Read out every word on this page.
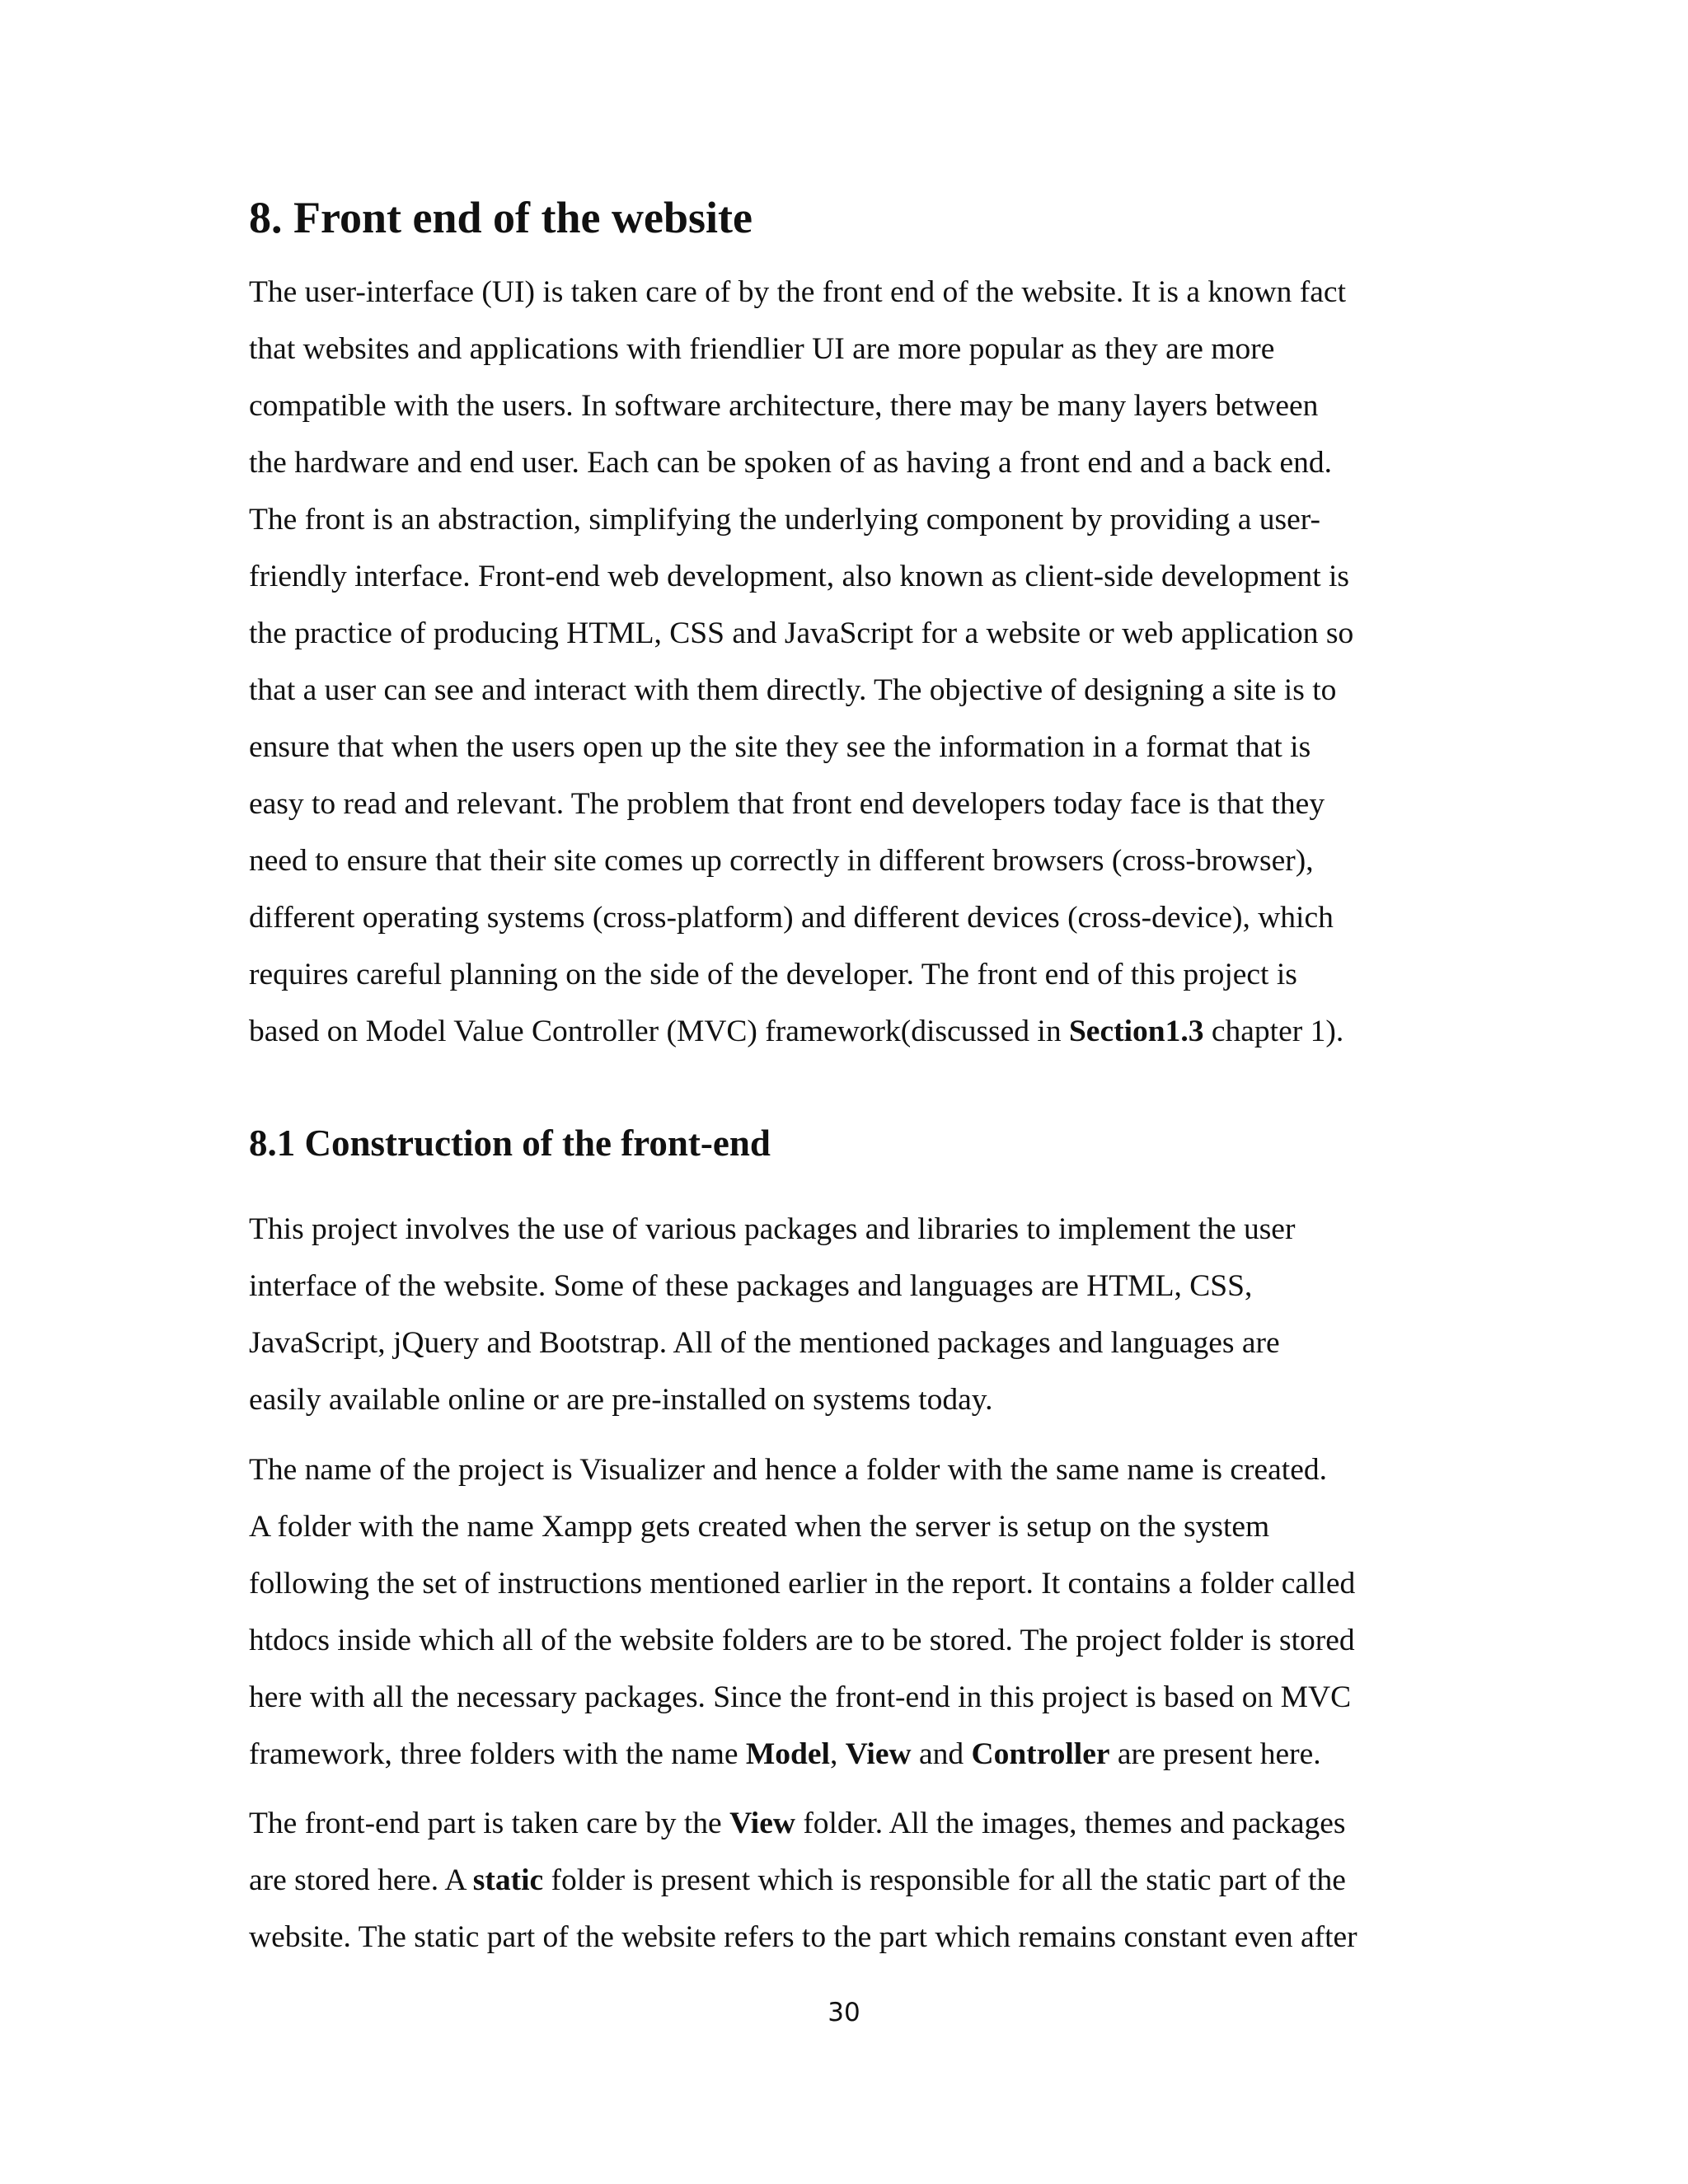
8. Front end of the website
The user-interface (UI) is taken care of by the front end of the website. It is a known fact
that websites and applications with friendlier UI are more popular as they are more
compatible with the users. In software architecture, there may be many layers between
the hardware and end user. Each can be spoken of as having a front end and a back end.
The front is an abstraction, simplifying the underlying component by providing a user-
friendly interface. Front-end web development, also known as client-side development is
the practice of producing HTML, CSS and JavaScript for a website or web application so
that a user can see and interact with them directly. The objective of designing a site is to
ensure that when the users open up the site they see the information in a format that is
easy to read and relevant. The problem that front end developers today face is that they
need to ensure that their site comes up correctly in different browsers (cross-browser),
different operating systems (cross-platform) and different devices (cross-device), which
requires careful planning on the side of the developer. The front end of this project is
based on Model Value Controller (MVC) framework(discussed in Section1.3 chapter 1).
8.1 Construction of the front-end
This project involves the use of various packages and libraries to implement the user
interface of the website. Some of these packages and languages are HTML, CSS,
JavaScript, jQuery and Bootstrap. All of the mentioned packages and languages are
easily available online or are pre-installed on systems today.
The name of the project is Visualizer and hence a folder with the same name is created.
A folder with the name Xampp gets created when the server is setup on the system
following the set of instructions mentioned earlier in the report. It contains a folder called
htdocs inside which all of the website folders are to be stored. The project folder is stored
here with all the necessary packages. Since the front-end in this project is based on MVC
framework, three folders with the name Model, View and Controller are present here.
The front-end part is taken care by the View folder. All the images, themes and packages
are stored here. A static folder is present which is responsible for all the static part of the
website. The static part of the website refers to the part which remains constant even after
30
